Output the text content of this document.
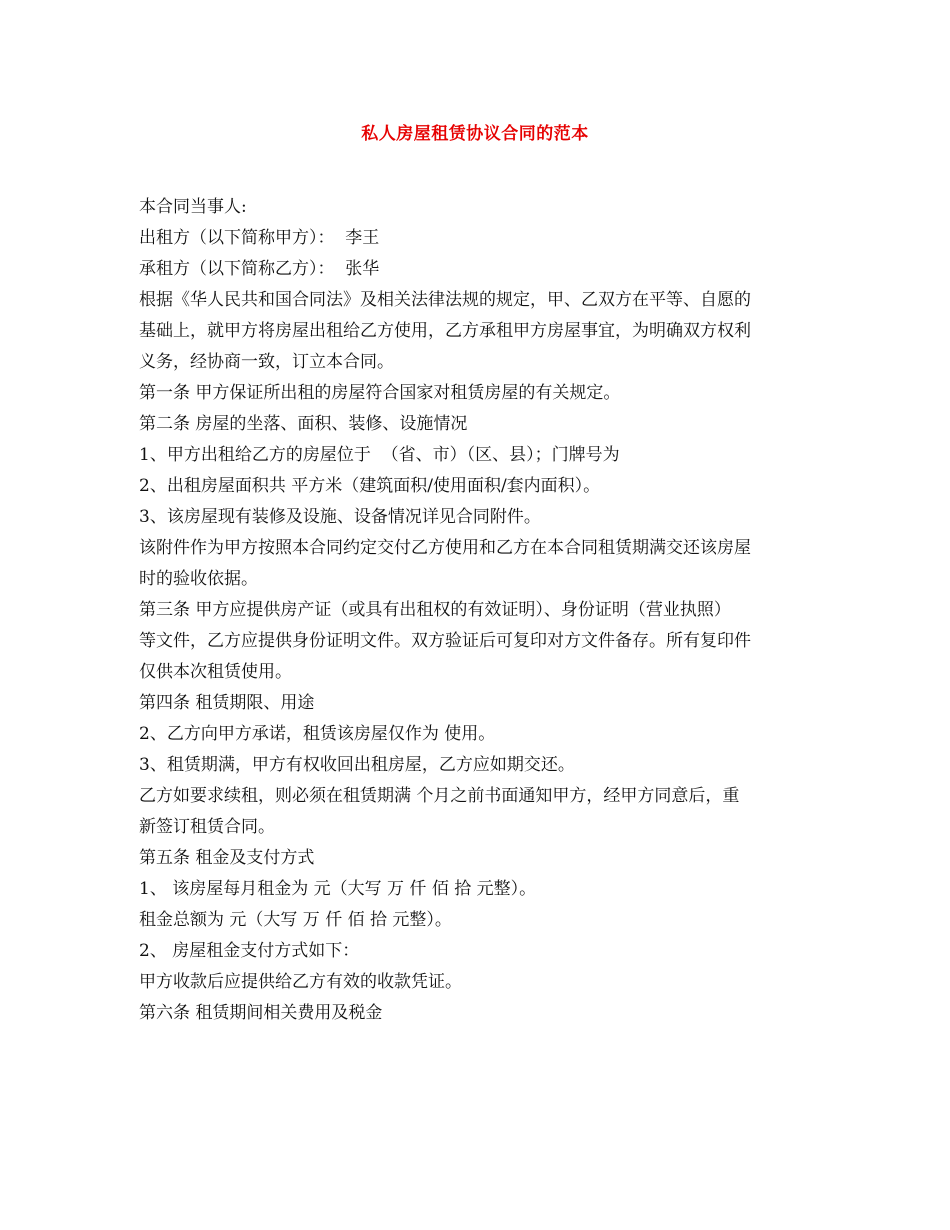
私人房屋租赁协议合同的范本
本合同当事人:
出租方（以下简称甲方）：  李王
承租方（以下简称乙方）：  张华
根据《华人民共和国合同法》及相关法律法规的规定，甲、乙双方在平等、自愿的
基础上，就甲方将房屋出租给乙方使用，乙方承租甲方房屋事宜，为明确双方权利
义务，经协商一致，订立本合同。
第一条 甲方保证所出租的房屋符合国家对租赁房屋的有关规定。
第二条 房屋的坐落、面积、装修、设施情况
1、甲方出租给乙方的房屋位于  （省、市）（区、县）；门牌号为
2、出租房屋面积共 平方米（建筑面积/使用面积/套内面积）。
3、该房屋现有装修及设施、设备情况详见合同附件。
该附件作为甲方按照本合同约定交付乙方使用和乙方在本合同租赁期满交还该房屋
时的验收依据。
第三条 甲方应提供房产证（或具有出租权的有效证明）、身份证明（营业执照）
等文件，乙方应提供身份证明文件。双方验证后可复印对方文件备存。所有复印件
仅供本次租赁使用。
第四条 租赁期限、用途
2、乙方向甲方承诺，租赁该房屋仅作为 使用。
3、租赁期满，甲方有权收回出租房屋，乙方应如期交还。
乙方如要求续租，则必须在租赁期满 个月之前书面通知甲方，经甲方同意后，重
新签订租赁合同。
第五条 租金及支付方式
1、 该房屋每月租金为 元（大写 万 仟 佰 拾 元整）。
租金总额为 元（大写 万 仟 佰 拾 元整）。
2、 房屋租金支付方式如下：
甲方收款后应提供给乙方有效的收款凭证。
第六条 租赁期间相关费用及税金
